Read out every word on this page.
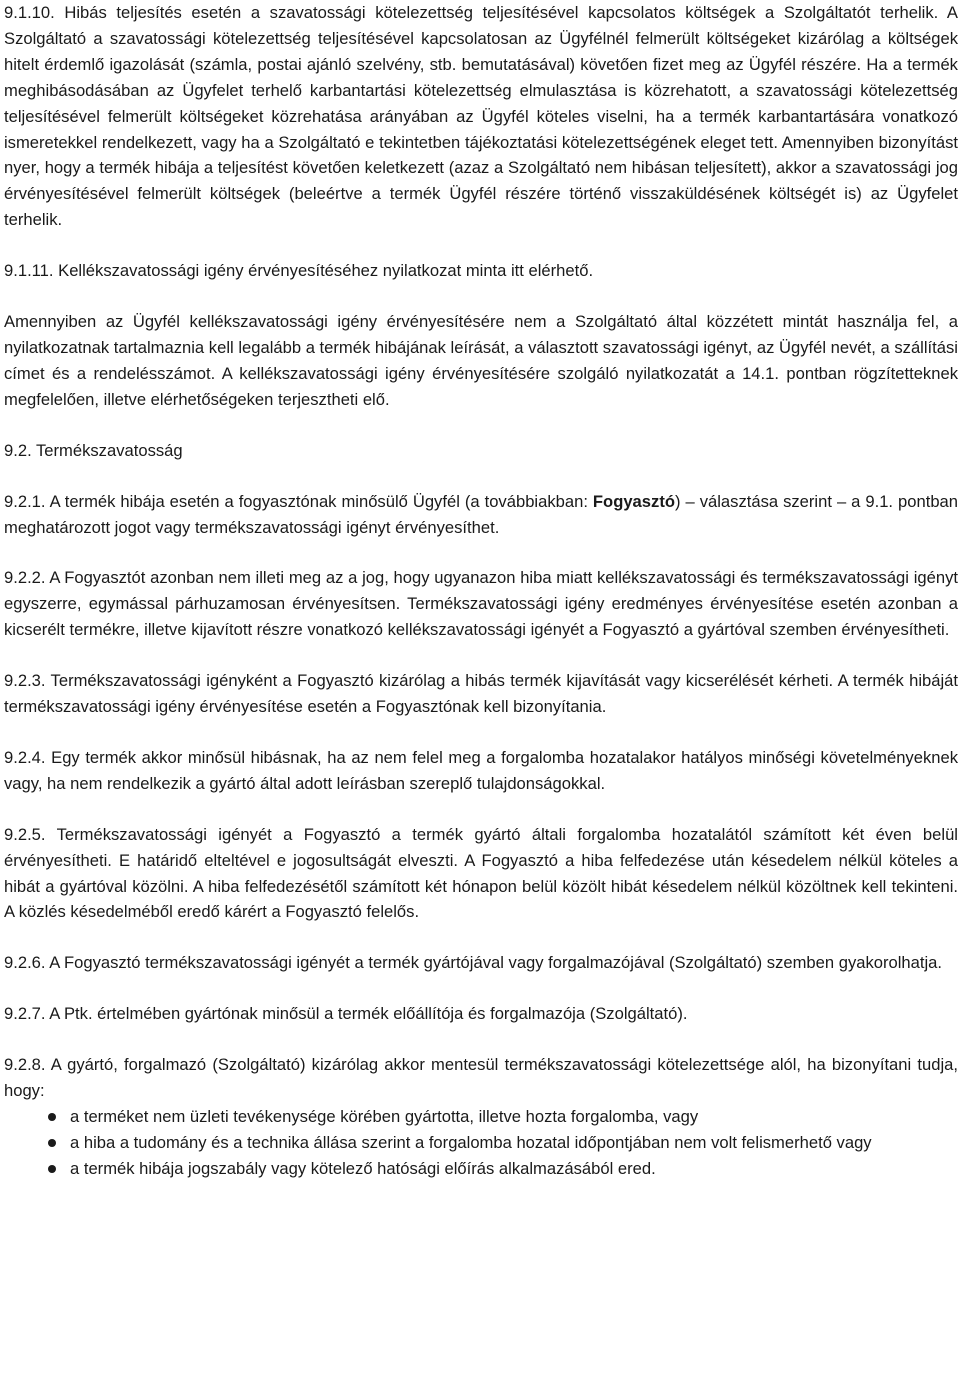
9.1.10. Hibás teljesítés esetén a szavatossági kötelezettség teljesítésével kapcsolatos költségek a Szolgáltatót terhelik. A Szolgáltató a szavatossági kötelezettség teljesítésével kapcsolatosan az Ügyfélnél felmerült költségeket kizárólag a költségek hitelt érdemlő igazolását (számla, postai ajánló szelvény, stb. bemutatásával) követően fizet meg az Ügyfél részére. Ha a termék meghibásodásában az Ügyfelet terhelő karbantartási kötelezettség elmulasztása is közrehatott, a szavatossági kötelezettség teljesítésével felmerült költségeket közrehatása arányában az Ügyfél köteles viselni, ha a termék karbantartására vonatkozó ismeretekkel rendelkezett, vagy ha a Szolgáltató e tekintetben tájékoztatási kötelezettségének eleget tett. Amennyiben bizonyítást nyer, hogy a termék hibája a teljesítést követően keletkezett (azaz a Szolgáltató nem hibásan teljesített), akkor a szavatossági jog érvényesítésével felmerült költségek (beleértve a termék Ügyfél részére történő visszaküldésének költségét is) az Ügyfelet terhelik.

9.1.11. Kellékszavatossági igény érvényesítéséhez nyilatkozat minta itt elérhető.

Amennyiben az Ügyfél kellékszavatossági igény érvényesítésére nem a Szolgáltató által közzétett mintát használja fel, a nyilatkozatnak tartalmaznia kell legalább a termék hibájának leírását, a választott szavatossági igényt, az Ügyfél nevét, a szállítási címet és a rendelésszámot. A kellékszavatossági igény érvényesítésére szolgáló nyilatkozatát a 14.1. pontban rögzítetteknek megfelelően, illetve elérhetőségeken terjesztheti elő.

9.2. Termékszavatosság

9.2.1. A termék hibája esetén a fogyasztónak minősülő Ügyfél (a továbbiakban: Fogyasztó) – választása szerint – a 9.1. pontban meghatározott jogot vagy termékszavatossági igényt érvényesíthet.

9.2.2. A Fogyasztót azonban nem illeti meg az a jog, hogy ugyanazon hiba miatt kellékszavatossági és termékszavatossági igényt egyszerre, egymással párhuzamosan érvényesítsen. Termékszavatossági igény eredményes érvényesítése esetén azonban a kicserélt termékre, illetve kijavított részre vonatkozó kellékszavatossági igényét a Fogyasztó a gyártóval szemben érvényesítheti.

9.2.3. Termékszavatossági igényként a Fogyasztó kizárólag a hibás termék kijavítását vagy kicserélését kérheti. A termék hibáját termékszavatossági igény érvényesítése esetén a Fogyasztónak kell bizonyítania.

9.2.4. Egy termék akkor minősül hibásnak, ha az nem felel meg a forgalomba hozatalakor hatályos minőségi követelményeknek vagy, ha nem rendelkezik a gyártó által adott leírásban szereplő tulajdonságokkal.

9.2.5. Termékszavatossági igényét a Fogyasztó a termék gyártó általi forgalomba hozatalától számított két éven belül érvényesítheti. E határidő elteltével e jogosultságát elveszti. A Fogyasztó a hiba felfedezése után késedelem nélkül köteles a hibát a gyártóval közölni. A hiba felfedezésétől számított két hónapon belül közölt hibát késedelem nélkül közöltnek kell tekinteni. A közlés késedelméből eredő kárért a Fogyasztó felelős.

9.2.6. A Fogyasztó termékszavatossági igényét a termék gyártójával vagy forgalmazójával (Szolgáltató) szemben gyakorolhatja.

9.2.7. A Ptk. értelmében gyártónak minősül a termék előállítója és forgalmazója (Szolgáltató).

9.2.8. A gyártó, forgalmazó (Szolgáltató) kizárólag akkor mentesül termékszavatossági kötelezettsége alól, ha bizonyítani tudja, hogy:

a terméket nem üzleti tevékenysége körében gyártotta, illetve hozta forgalomba, vagy
a hiba a tudomány és a technika állása szerint a forgalomba hozatal időpontjában nem volt felismerhető vagy
a termék hibája jogszabály vagy kötelező hatósági előírás alkalmazásából ered.
